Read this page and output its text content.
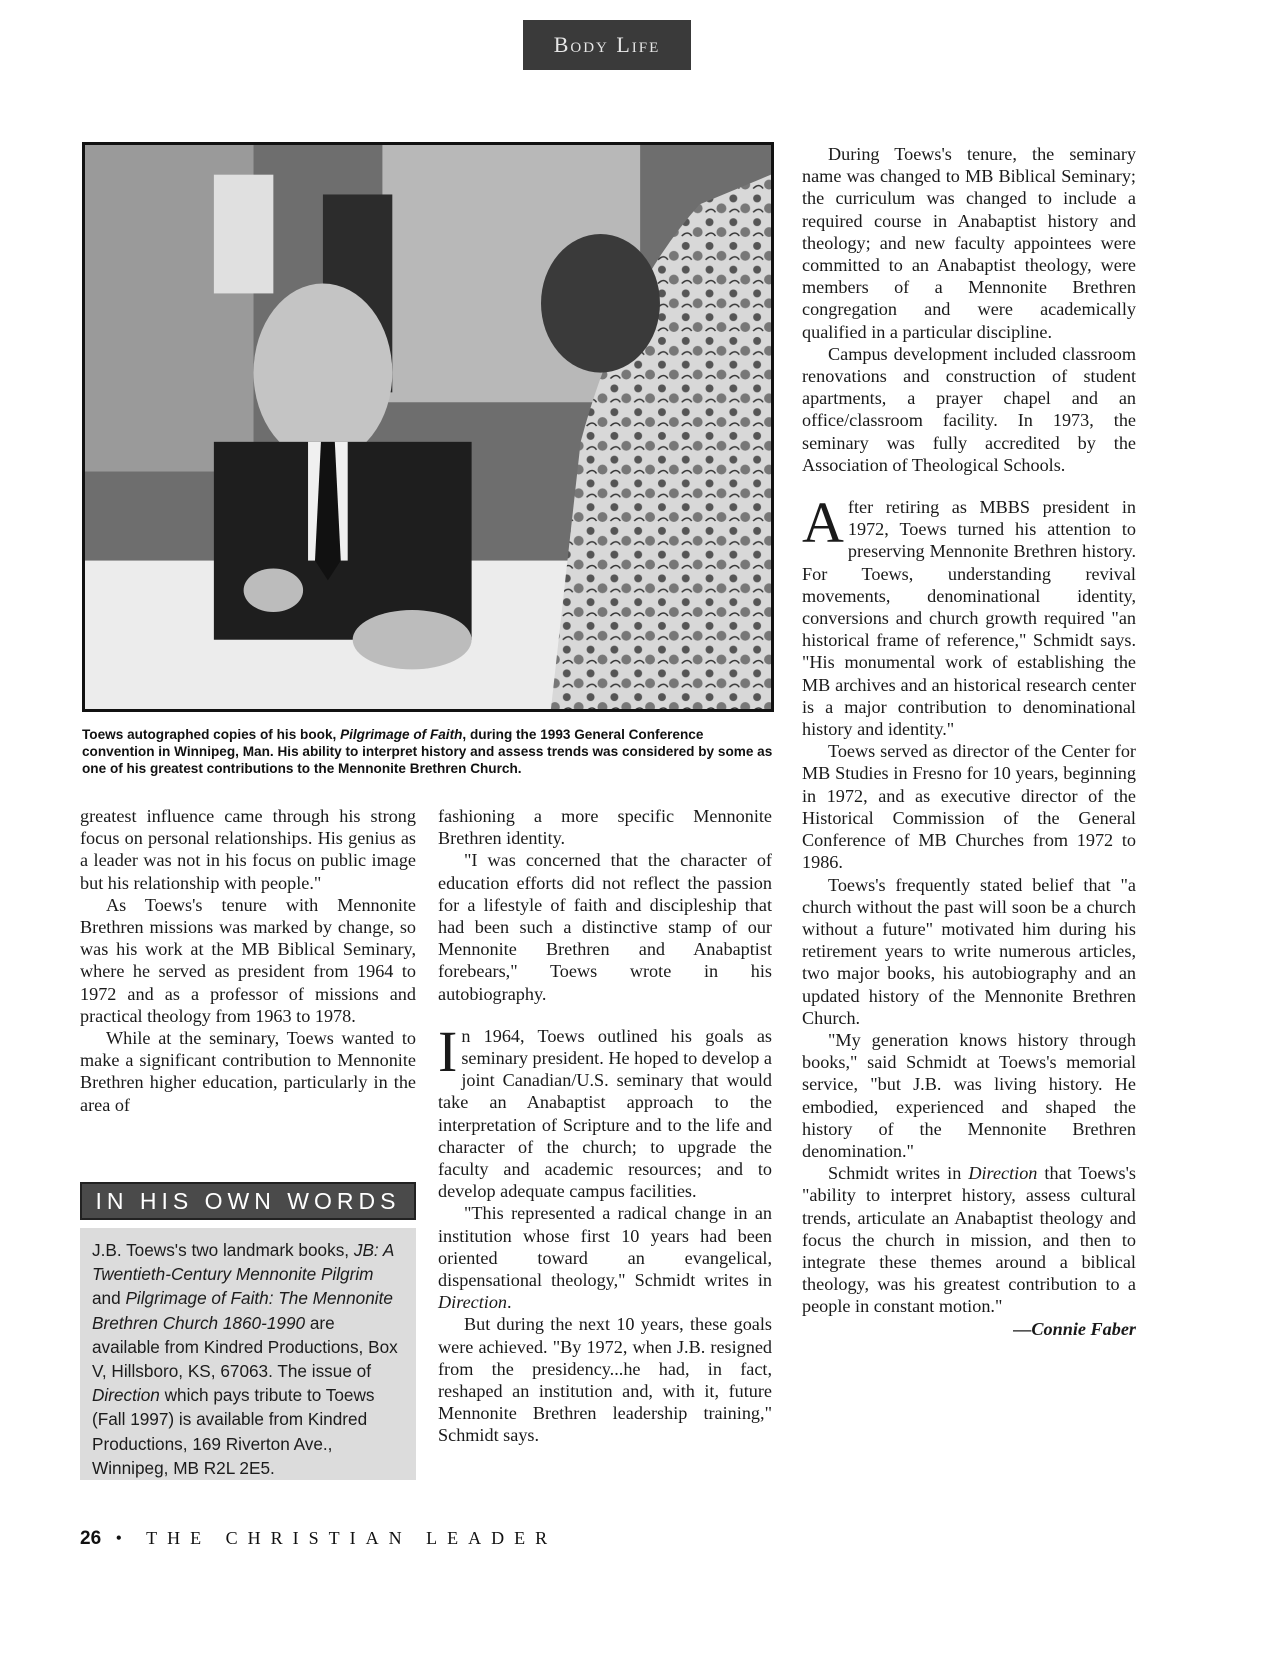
Body Life
Toews autographed copies of his book, Pilgrimage of Faith, during the 1993 General Conference convention in Winnipeg, Man. His ability to interpret history and assess trends was considered by some as one of his greatest contributions to the Mennonite Brethren Church.

greatest influence came through his strong focus on personal relationships. His genius as a leader was not in his focus on public image but his relationship with people."

As Toews's tenure with Mennonite Brethren missions was marked by change, so was his work at the MB Biblical Seminary, where he served as president from 1964 to 1972 and as a professor of missions and practical theology from 1963 to 1978.

While at the seminary, Toews wanted to make a significant contribution to Mennonite Brethren higher education, particularly in the area of

IN HIS OWN WORDS
J.B. Toews's two landmark books, JB: A Twentieth-Century Mennonite Pilgrim and Pilgrimage of Faith: The Mennonite Brethren Church 1860-1990 are available from Kindred Productions, Box V, Hillsboro, KS, 67063. The issue of Direction which pays tribute to Toews (Fall 1997) is available from Kindred Productions, 169 Riverton Ave., Winnipeg, MB R2L 2E5.

fashioning a more specific Mennonite Brethren identity.

"I was concerned that the character of education efforts did not reflect the passion for a lifestyle of faith and discipleship that had been such a distinctive stamp of our Mennonite Brethren and Anabaptist forebears," Toews wrote in his autobiography.

In 1964, Toews outlined his goals as seminary president. He hoped to develop a joint Canadian/U.S. seminary that would take an Anabaptist approach to the interpretation of Scripture and to the life and character of the church; to upgrade the faculty and academic resources; and to develop adequate campus facilities.

"This represented a radical change in an institution whose first 10 years had been oriented toward an evangelical, dispensational theology," Schmidt writes in Direction.

But during the next 10 years, these goals were achieved. "By 1972, when J.B. resigned from the presidency...he had, in fact, reshaped an institution and, with it, future Mennonite Brethren leadership training," Schmidt says.

During Toews's tenure, the seminary name was changed to MB Biblical Seminary; the curriculum was changed to include a required course in Anabaptist history and theology; and new faculty appointees were committed to an Anabaptist theology, were members of a Mennonite Brethren congregation and were academically qualified in a particular discipline.

Campus development included classroom renovations and construction of student apartments, a prayer chapel and an office/classroom facility. In 1973, the seminary was fully accredited by the Association of Theological Schools.

After retiring as MBBS president in 1972, Toews turned his attention to preserving Mennonite Brethren history. For Toews, understanding revival movements, denominational identity, conversions and church growth required "an historical frame of reference," Schmidt says. "His monumental work of establishing the MB archives and an historical research center is a major contribution to denominational history and identity."

Toews served as director of the Center for MB Studies in Fresno for 10 years, beginning in 1972, and as executive director of the Historical Commission of the General Conference of MB Churches from 1972 to 1986.

Toews's frequently stated belief that "a church without the past will soon be a church without a future" motivated him during his retirement years to write numerous articles, two major books, his autobiography and an updated history of the Mennonite Brethren Church.

"My generation knows history through books," said Schmidt at Toews's memorial service, "but J.B. was living history. He embodied, experienced and shaped the history of the Mennonite Brethren denomination."

Schmidt writes in Direction that Toews's "ability to interpret history, assess cultural trends, articulate an Anabaptist theology and focus the church in mission, and then to integrate these themes around a biblical theology, was his greatest contribution to a people in constant motion."

—Connie Faber

26 • THE CHRISTIAN LEADER
